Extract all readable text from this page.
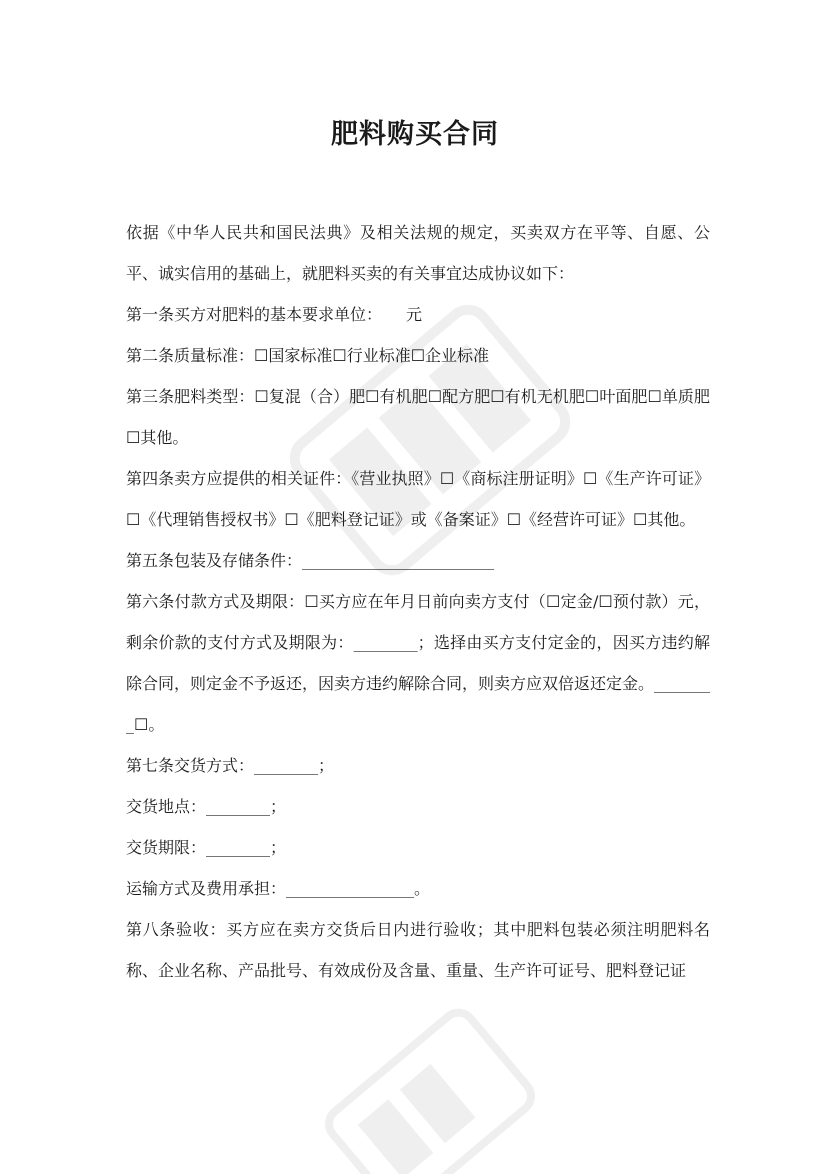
肥料购买合同

依据《中华人民共和国民法典》及相关法规的规定，买卖双方在平等、自愿、公平、诚实信用的基础上，就肥料买卖的有关事宜达成协议如下：

第一条买方对肥料的基本要求单位：　　元

第二条质量标准：☐国家标准☐行业标准☐企业标准

第三条肥料类型：☐复混（合）肥☐有机肥☐配方肥☐有机无机肥☐叶面肥☐单质肥☐其他。

第四条卖方应提供的相关证件：《营业执照》☐《商标注册证明》☐《生产许可证》☐《代理销售授权书》☐《肥料登记证》或《备案证》☐《经营许可证》☐其他。

第五条包装及存储条件：________________________

第六条付款方式及期限：☐买方应在年月日前向卖方支付（☐定金/☐预付款）元，剩余价款的支付方式及期限为：________；选择由买方支付定金的，因买方违约解除合同，则定金不予返还，因卖方违约解除合同，则卖方应双倍返还定金。________☐。

第七条交货方式：________；

交货地点：________；

交货期限：________；

运输方式及费用承担：________________。

第八条验收：买方应在卖方交货后日内进行验收；其中肥料包装必须注明肥料名称、企业名称、产品批号、有效成份及含量、重量、生产许可证号、肥料登记证
